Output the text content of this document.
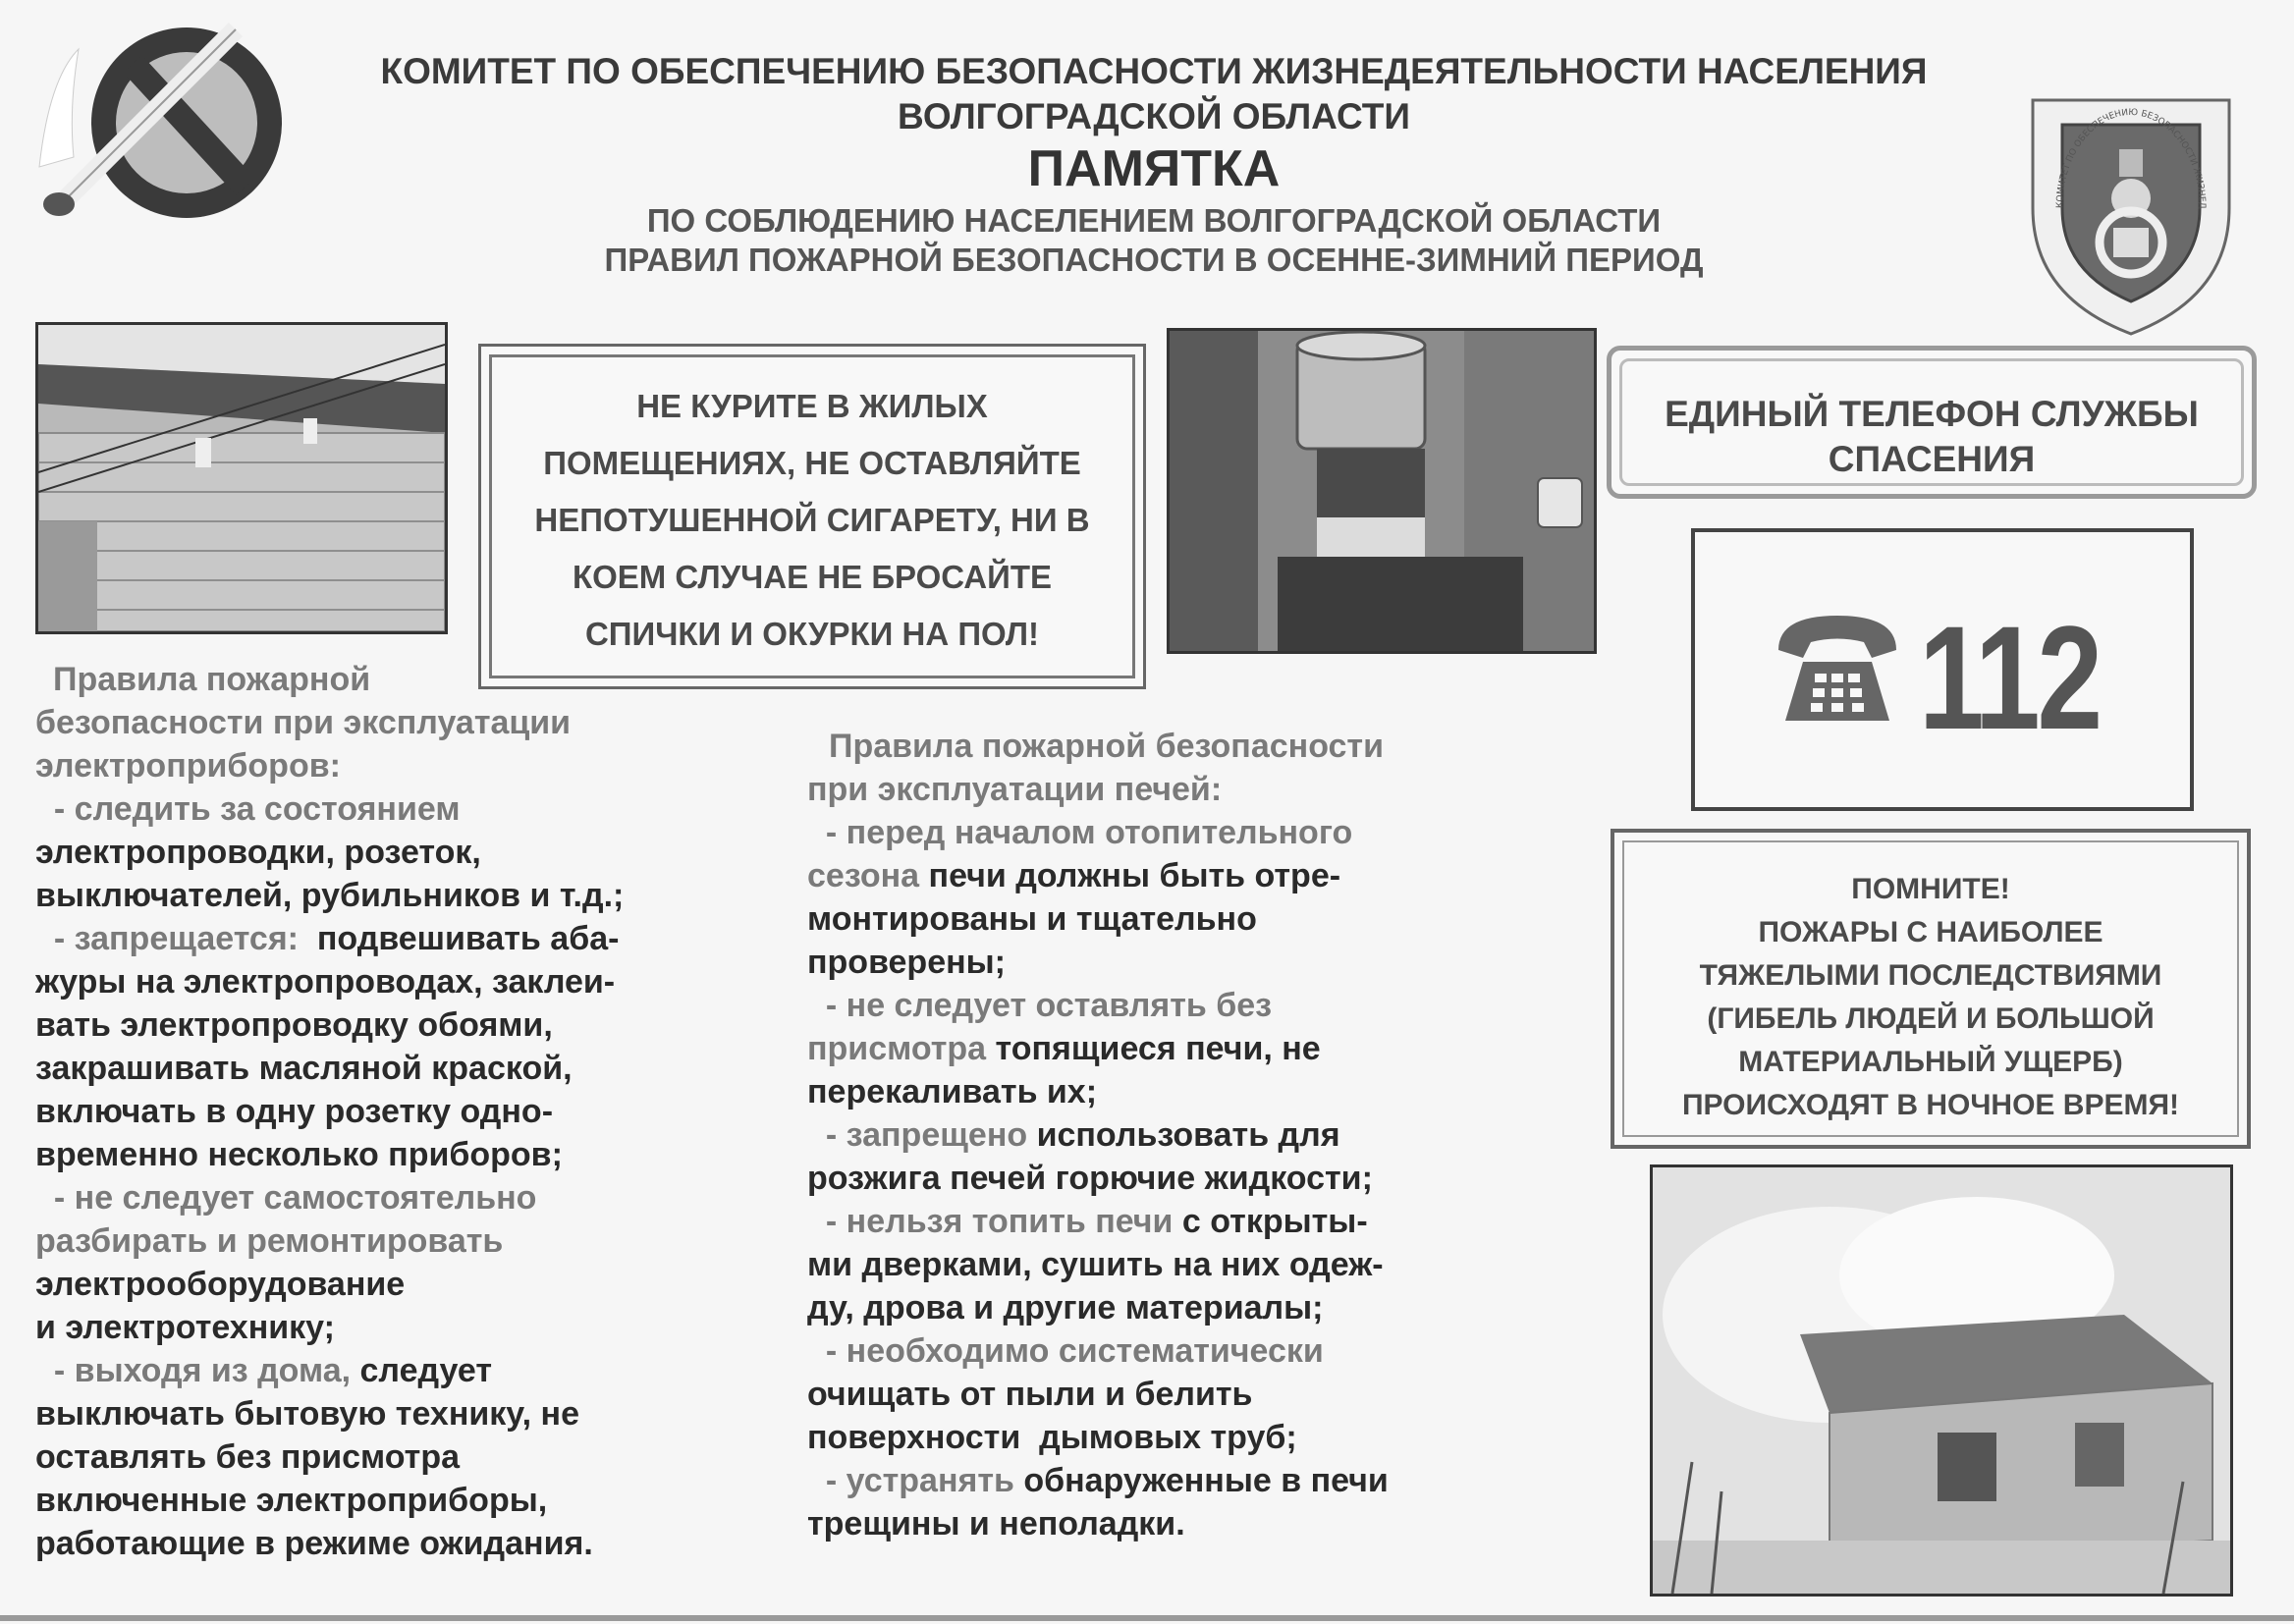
КОМИТЕТ ПО ОБЕСПЕЧЕНИЮ БЕЗОПАСНОСТИ ЖИЗНЕДЕЯТЕЛЬНОСТИ НАСЕЛЕНИЯ
ВОЛГОГРАДСКОЙ ОБЛАСТИ
ПАМЯТКА
ПО СОБЛЮДЕНИЮ НАСЕЛЕНИЕМ ВОЛГОГРАДСКОЙ ОБЛАСТИ
ПРАВИЛ ПОЖАРНОЙ БЕЗОПАСНОСТИ В ОСЕННЕ-ЗИМНИЙ ПЕРИОД
КОМИТЕТ ПО ОБЕСПЕЧЕНИЮ БЕЗОПАСНОСТИ ЖИЗНЕД
НЕ КУРИТЕ В ЖИЛЫХ
ПОМЕЩЕНИЯХ, НЕ ОСТАВЛЯЙТЕ
НЕПОТУШЕННОЙ СИГАРЕТУ, НИ В
КОЕМ СЛУЧАЕ НЕ БРОСАЙТЕ
СПИЧКИ И ОКУРКИ НА ПОЛ!
ЕДИНЫЙ ТЕЛЕФОН СЛУЖБЫ
СПАСЕНИЯ
112
ПОМНИТЕ!
ПОЖАРЫ С НАИБОЛЕЕ
ТЯЖЕЛЫМИ ПОСЛЕДСТВИЯМИ
(ГИБЕЛЬ ЛЮДЕЙ И БОЛЬШОЙ
МАТЕРИАЛЬНЫЙ УЩЕРБ)
ПРОИСХОДЯТ В НОЧНОЕ ВРЕМЯ!
Правила пожарной
безопасности при эксплуатации
электроприборов:

- следить за состоянием

электропроводки, розеток,

выключателей, рубильников и т.д.;

- запрещается:  подвешивать аба-

журы на электропроводах, заклеи-

вать электропроводку обоями,

закрашивать масляной краской,

включать в одну розетку одно-

временно несколько приборов;

- не следует самостоятельно

разбирать и ремонтировать

электрооборудование

и электротехнику;

- выходя из дома, следует

выключать бытовую технику, не

оставлять без присмотра

включенные электроприборы,

работающие в режиме ожидания.

Правила пожарной безопасности
при эксплуатации печей:

- перед началом отопительного

сезона печи должны быть отре-

монтированы и тщательно

проверены;

- не следует оставлять без

присмотра топящиеся печи, не

перекаливать их;

- запрещено использовать для

розжига печей горючие жидкости;

- нельзя топить печи с открыты-

ми дверками, сушить на них одеж-

ду, дрова и другие материалы;

- необходимо систематически

очищать от пыли и белить

поверхности  дымовых труб;

- устранять обнаруженные в печи

трещины и неполадки.
